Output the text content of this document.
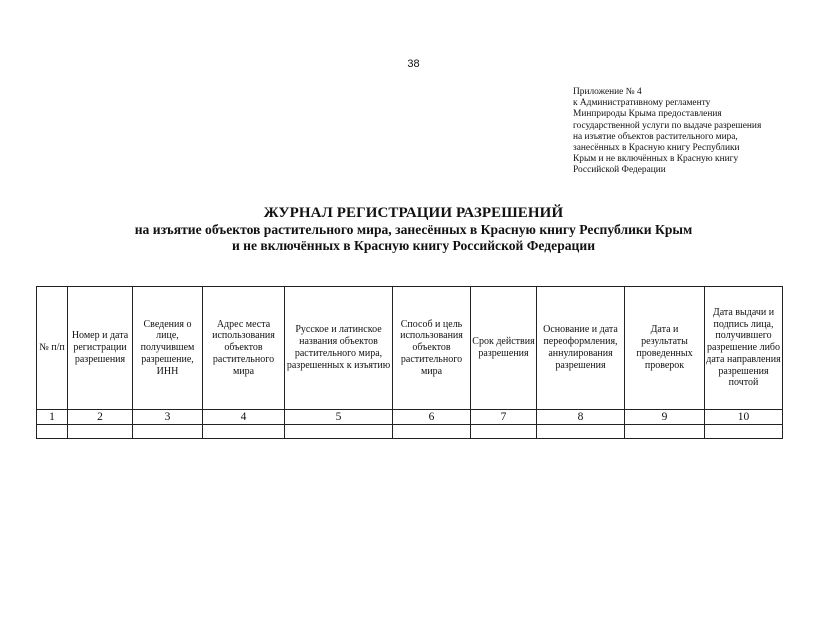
38
Приложение № 4
к Административному регламенту
Минприроды Крыма предоставления
государственной услуги по выдаче разрешения
на изъятие объектов растительного мира,
занесённых в Красную книгу Республики
Крым и не включённых в Красную книгу
Российской Федерации
ЖУРНАЛ РЕГИСТРАЦИИ РАЗРЕШЕНИЙ
на изъятие объектов растительного мира, занесённых в Красную книгу Республики Крым
и не включённых в Красную книгу Российской Федерации
№ п/п	Номер и дата регистрации разрешения	Сведения о лице, получившем разрешение, ИНН	Адрес места использования объектов растительного мира	Русское и латинское названия объектов растительного мира, разрешенных к изъятию	Способ и цель использования объектов растительного мира	Срок действия разрешения	Основание и дата переоформления, аннулирования разрешения	Дата и результаты проведенных проверок	Дата выдачи и подпись лица, получившего разрешение либо дата направления разрешения почтой
1	2	3	4	5	6	7	8	9	10
